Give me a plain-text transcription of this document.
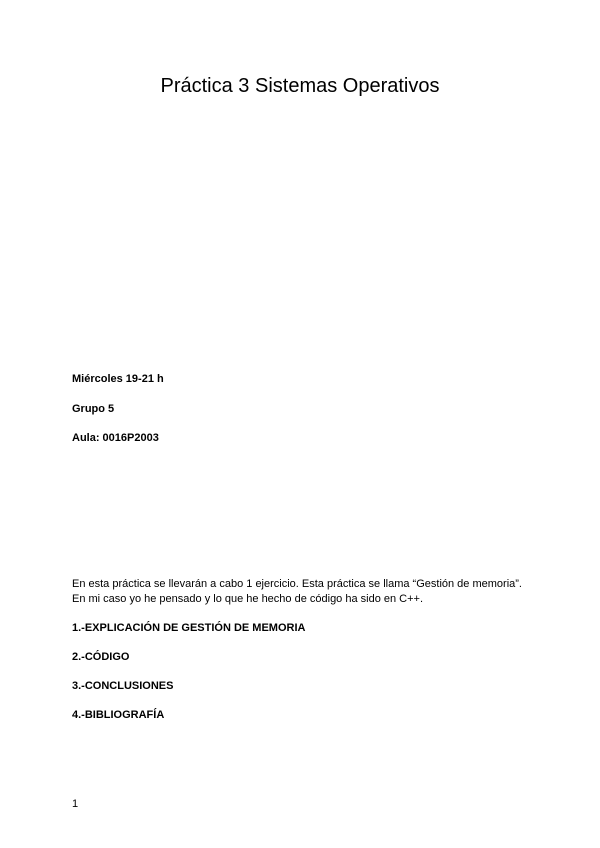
Práctica 3 Sistemas Operativos

Miércoles 19-21 h

Grupo 5

Aula: 0016P2003

En esta práctica se llevarán a cabo 1 ejercicio. Esta práctica se llama “Gestión de memoria”.
En mi caso yo he pensado y lo que he hecho de código ha sido en C++.

1.-EXPLICACIÓN DE GESTIÓN DE MEMORIA

2.-CÓDIGO

3.-CONCLUSIONES

4.-BIBLIOGRAFÍA

1
